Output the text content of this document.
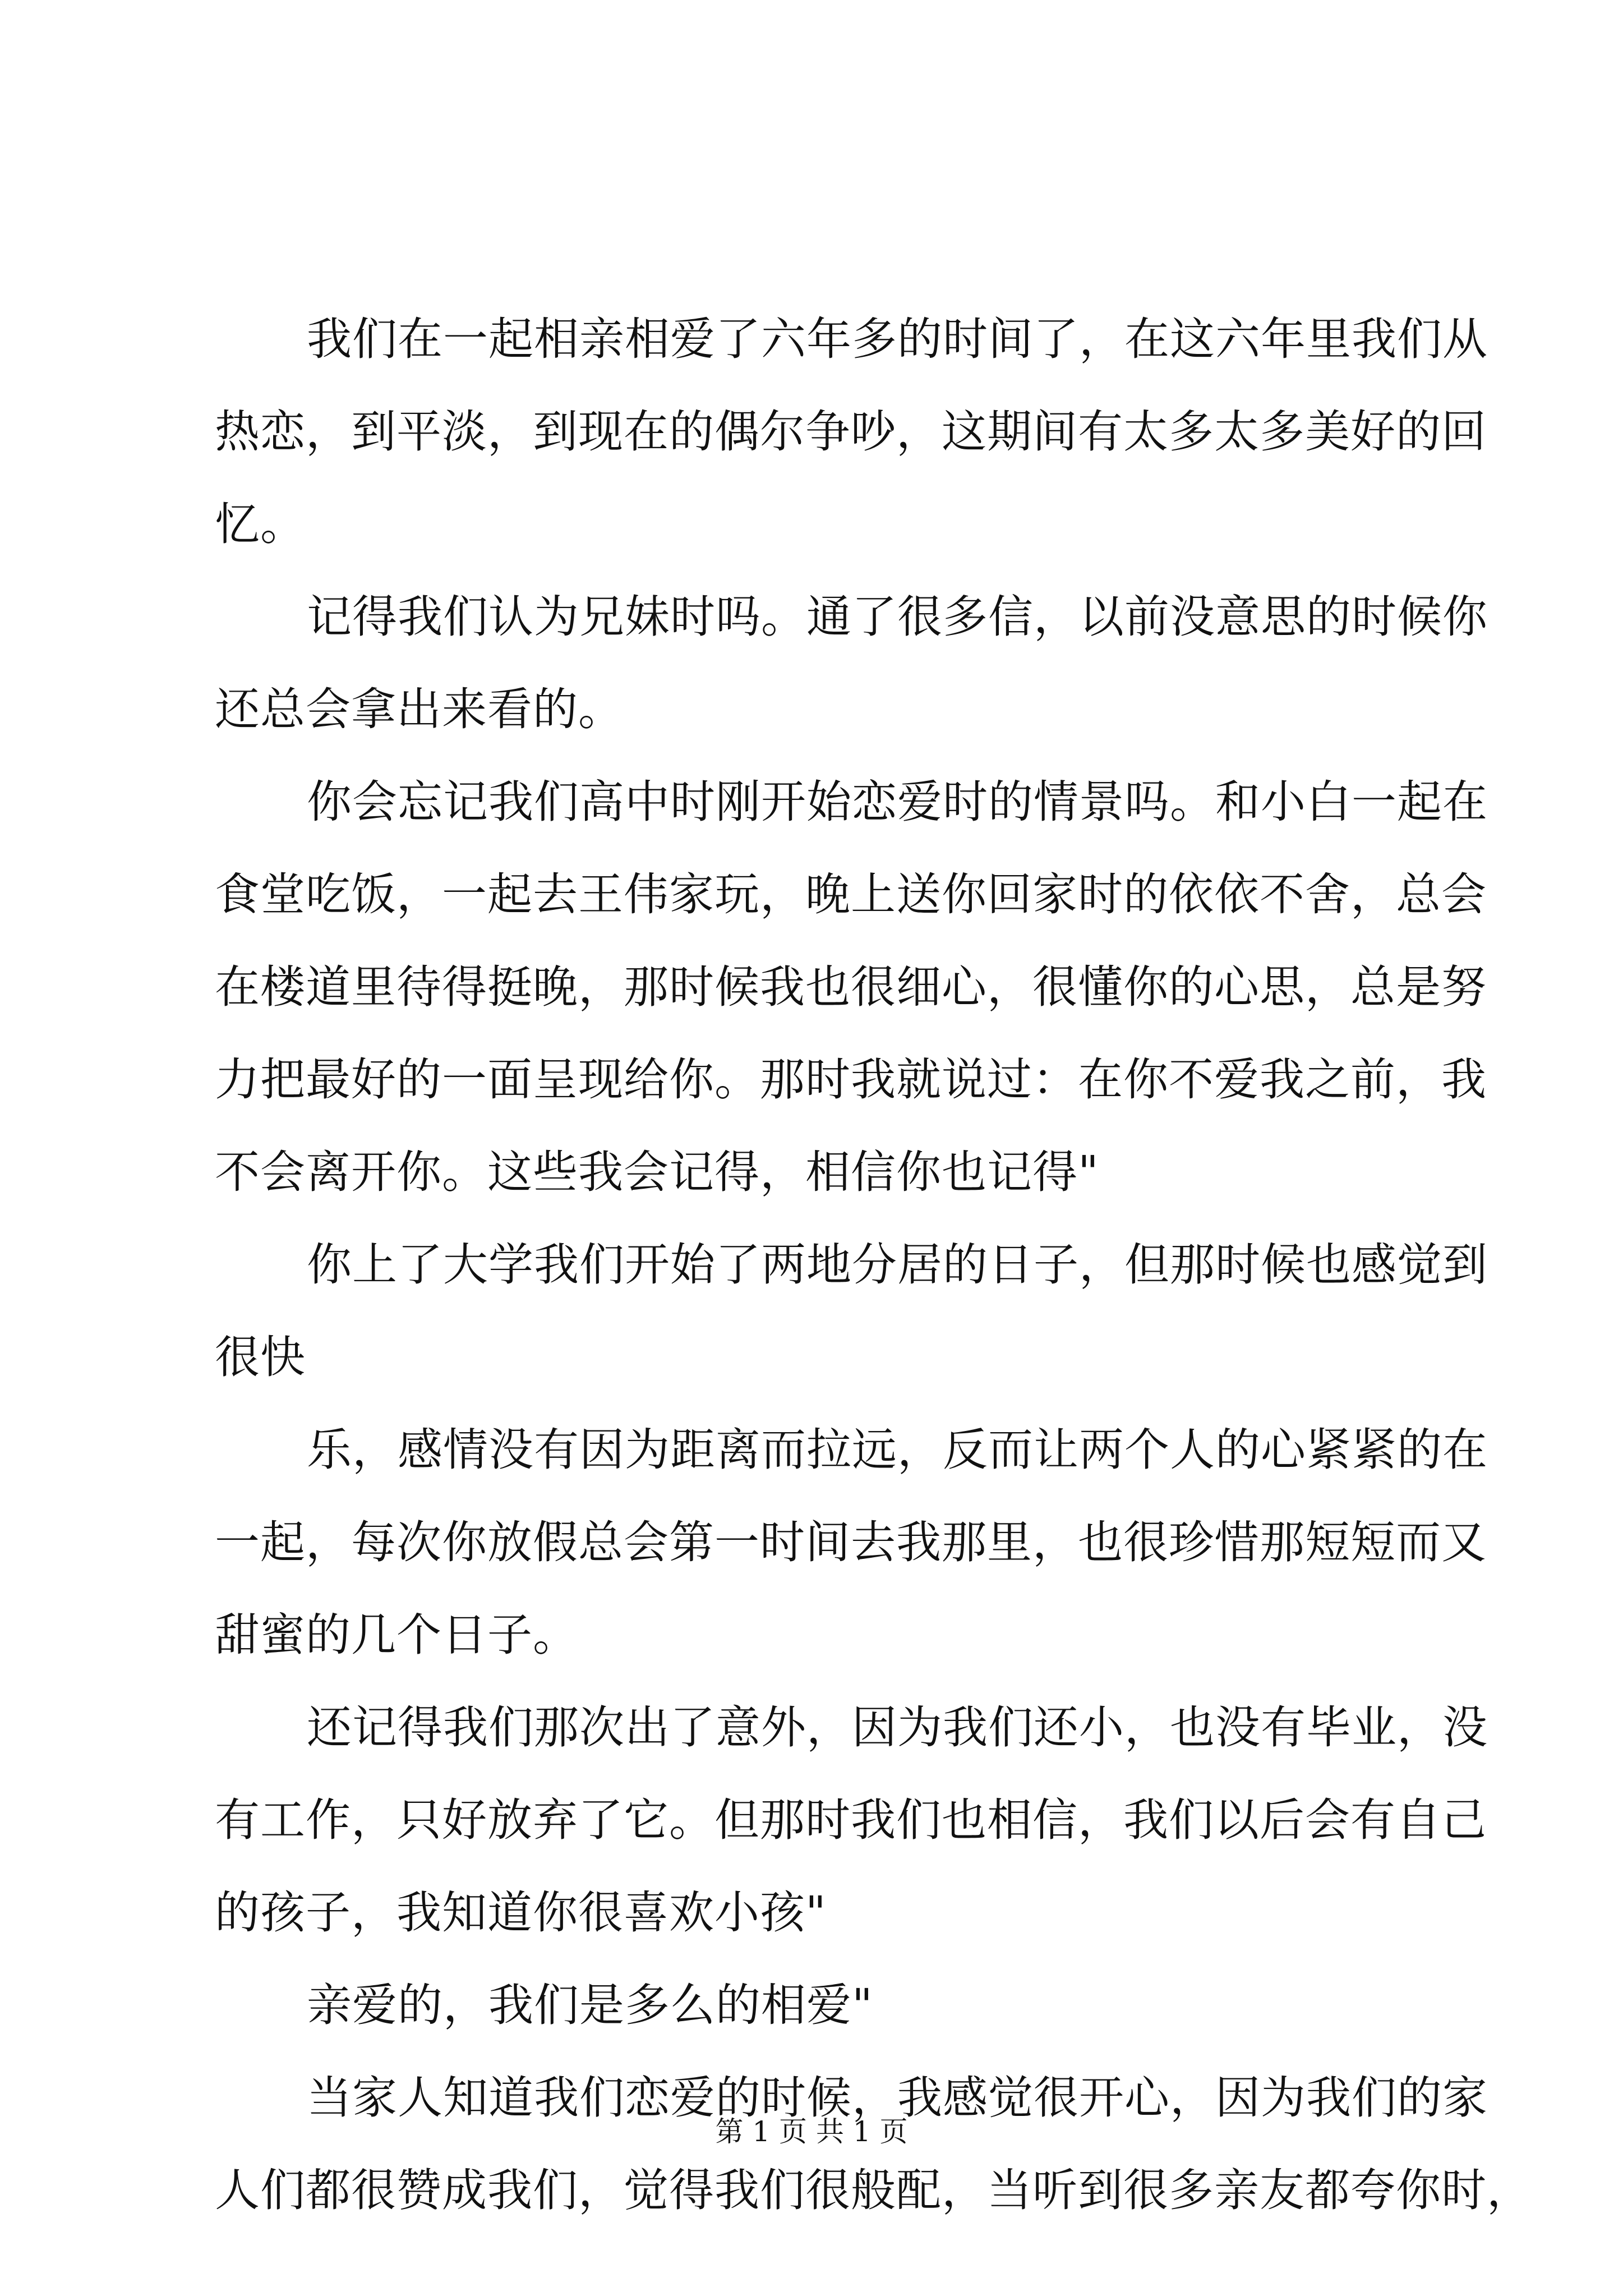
我们在一起相亲相爱了六年多的时间了，在这六年里我们从
热恋，到平淡，到现在的偶尔争吵，这期间有太多太多美好的回
忆。
记得我们认为兄妹时吗。通了很多信，以前没意思的时候你
还总会拿出来看的。
你会忘记我们高中时刚开始恋爱时的情景吗。和小白一起在
食堂吃饭，一起去王伟家玩，晚上送你回家时的依依不舍，总会
在楼道里待得挺晚，那时候我也很细心，很懂你的心思，总是努
力把最好的一面呈现给你。那时我就说过：在你不爱我之前，我
不会离开你。这些我会记得，相信你也记得"
你上了大学我们开始了两地分居的日子，但那时候也感觉到
很快
乐，感情没有因为距离而拉远，反而让两个人的心紧紧的在
一起，每次你放假总会第一时间去我那里，也很珍惜那短短而又
甜蜜的几个日子。
还记得我们那次出了意外，因为我们还小，也没有毕业，没
有工作，只好放弃了它。但那时我们也相信，我们以后会有自己
的孩子，我知道你很喜欢小孩"
亲爱的，我们是多么的相爱"
当家人知道我们恋爱的时候，我感觉很开心，因为我们的家
人们都很赞成我们，觉得我们很般配，当听到很多亲友都夸你时，
第 1 页 共 1 页
